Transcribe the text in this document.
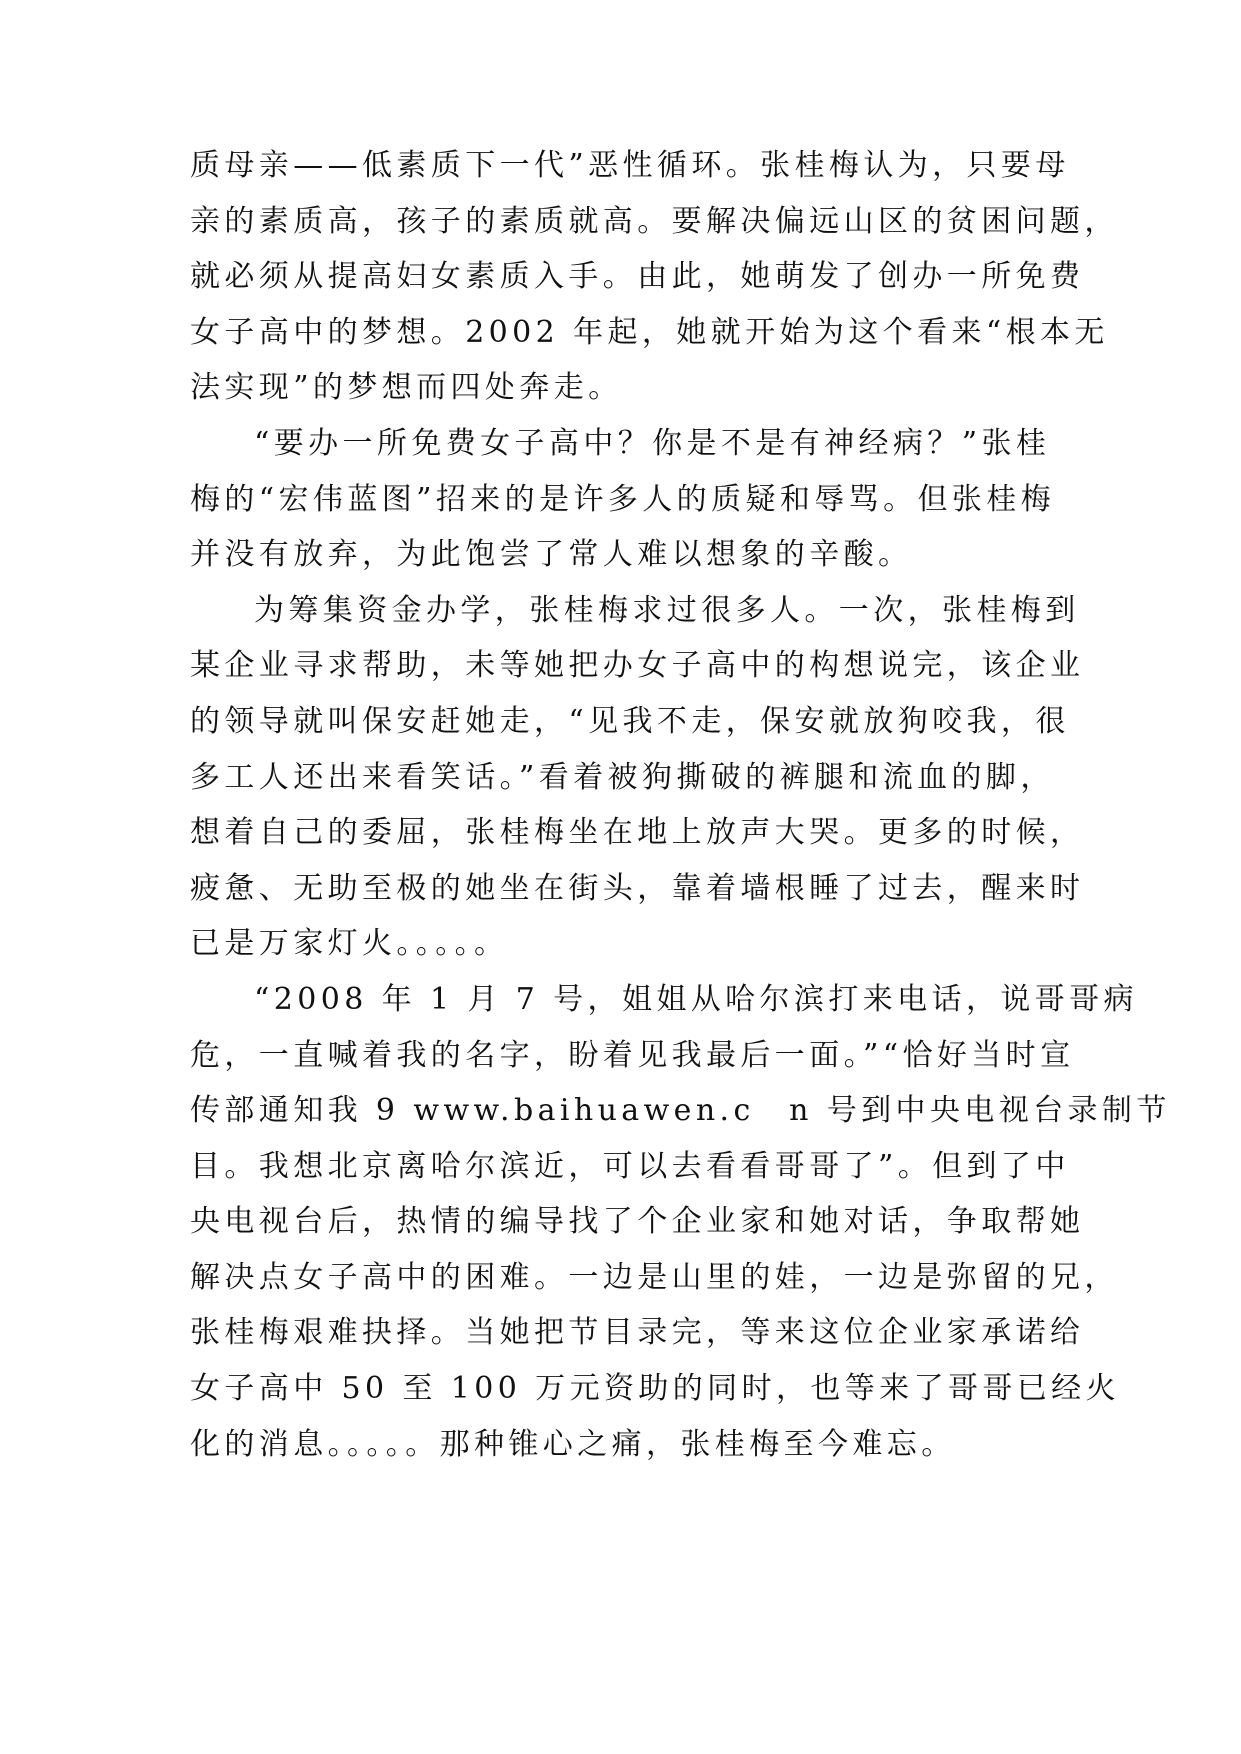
质母亲——低素质下一代”恶性循环。张桂梅认为，只要母
亲的素质高，孩子的素质就高。要解决偏远山区的贫困问题，
就必须从提高妇女素质入手。由此，她萌发了创办一所免费
女子高中的梦想。2002 年起，她就开始为这个看来“根本无
法实现”的梦想而四处奔走。

“要办一所免费女子高中？你是不是有神经病？”张桂
梅的“宏伟蓝图”招来的是许多人的质疑和辱骂。但张桂梅
并没有放弃，为此饱尝了常人难以想象的辛酸。

为筹集资金办学，张桂梅求过很多人。一次，张桂梅到
某企业寻求帮助，未等她把办女子高中的构想说完，该企业
的领导就叫保安赶她走，“见我不走，保安就放狗咬我，很
多工人还出来看笑话。”看着被狗撕破的裤腿和流血的脚，
想着自己的委屈，张桂梅坐在地上放声大哭。更多的时候，
疲惫、无助至极的她坐在街头，靠着墙根睡了过去，醒来时
已是万家灯火。。。。。

“2008 年 1 月 7 号，姐姐从哈尔滨打来电话，说哥哥病
危，一直喊着我的名字，盼着见我最后一面。”“恰好当时宣
传部通知我 9 www.baihuawen.c　n 号到中央电视台录制节
目。我想北京离哈尔滨近，可以去看看哥哥了”。但到了中
央电视台后，热情的编导找了个企业家和她对话，争取帮她
解决点女子高中的困难。一边是山里的娃，一边是弥留的兄，
张桂梅艰难抉择。当她把节目录完，等来这位企业家承诺给
女子高中 50 至 100 万元资助的同时，也等来了哥哥已经火
化的消息。。。。。那种锥心之痛，张桂梅至今难忘。
